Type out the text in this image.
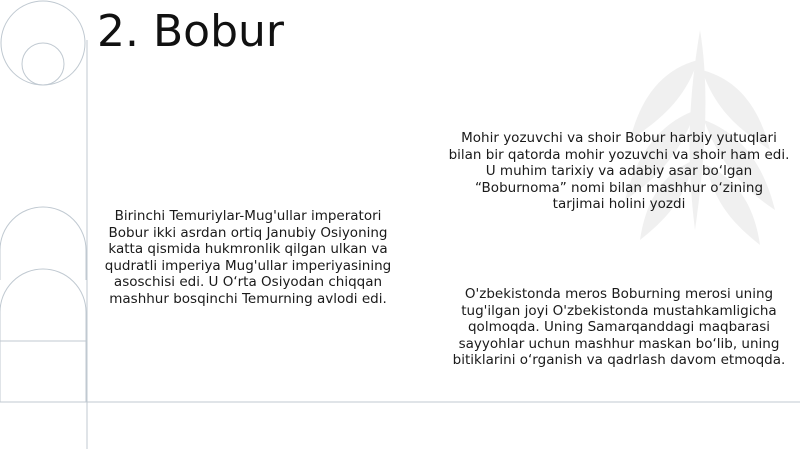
2. Bobur

Birinchi Temuriylar-Mug'ullar imperatori Bobur ikki asrdan ortiq Janubiy Osiyoning katta qismida hukmronlik qilgan ulkan va qudratli imperiya Mug'ullar imperiyasining asoschisi edi. U O‘rta Osiyodan chiqqan mashhur bosqinchi Temurning avlodi edi.

Mohir yozuvchi va shoir Bobur harbiy yutuqlari bilan bir qatorda mohir yozuvchi va shoir ham edi. U muhim tarixiy va adabiy asar bo‘lgan “Boburnoma” nomi bilan mashhur o‘zining tarjimai holini yozdi

O'zbekistonda meros Boburning merosi uning tug'ilgan joyi O'zbekistonda mustahkamligicha qolmoqda. Uning Samarqanddagi maqbarasi sayyohlar uchun mashhur maskan bo‘lib, uning bitiklarini o‘rganish va qadrlash davom etmoqda.
